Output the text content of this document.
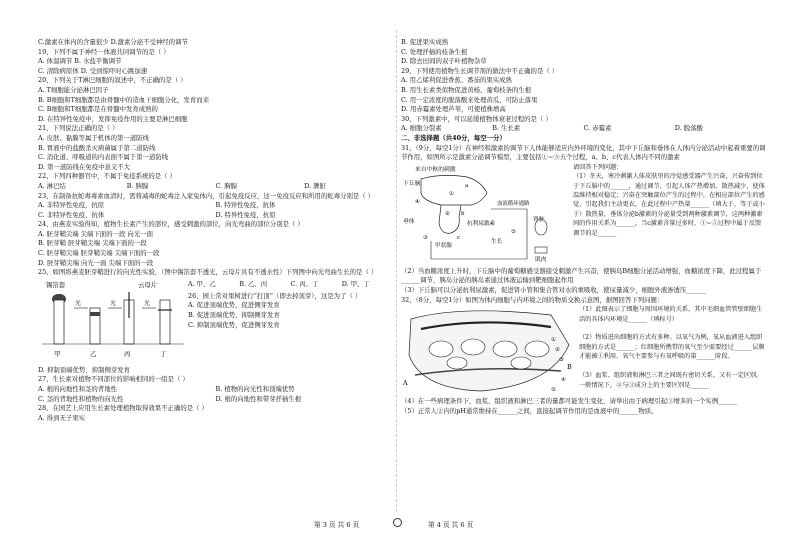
C.激素在体内的含量很少 D.激素分泌不受神经的调节
19、下列不属于神经－体液共同调节的是（ ）
A. 体温调节 B. 水盐平衡调节
C. 清除病原体 D. 受到惊吓时心跳加速
20、下列关于T淋巴细胞的叙述中，不正确的是（ ）
A. T细胞能分泌淋巴因子
B. B细胞和T细胞都是由骨髓中的造血干细胞分化，发育而来
C. B细胞和T细胞都是在骨髓中发育成熟的
D. 在特异性免疫中，发挥免疫作用的主要是淋巴细胞
21、下列说法正确的是（ ）
A. 皮肤、黏膜等属于机体的第一道防线
B. 胃液中的盐酸杀灭病菌属于第二道防线
C. 消化道、呼吸道的内表面不属于第一道防线
D. 第一道防线在免疫中意义不大
22、下列四种器官中，不属于免疫系统的是（ ）
A. 淋巴结	B. 胰腺	C. 胸腺	D. 脾脏
23、在制备抗蛇毒毒素血清时，需将减毒的蛇毒注入家兔体内，引起免疫反应，这一免疫反应和所用的蛇毒分别是（ ）
A. 非特异性免疫，抗原	B. 特异性免疫，抗体
C. 非特异性免疫，抗体	D. 特异性免疫，抗原
24、由燕麦实验得知，植物生长素产生的部位，感受刺激的部位，向光弯曲的部位分别是（ ）
A. 胚芽鞘尖端 尖端下面的一段 向光一面
B. 胚芽鞘 胚芽鞘尖端 尖端下面的一段
C. 胚芽鞘尖端 胚芽鞘尖端 尖端下面的一段
D. 胚芽鞘尖端 向光一面 尖端下面的一段
25、如图将燕麦胚芽鞘进行的向光性实验，（图中锡箔套不透光，云母片具有不透水性）下列图中向光弯曲生长的是（ ）
A. 甲、乙	B. 乙、丙	C. 丙、丁	D. 甲、丁
锡箔套	云母片
光	光	光
甲	乙	丙	丁
26、园上常对果树进行“打顶”（即去掉顶芽），这是为了（ ）
A. 促进顶端优势，促进侧芽发育
B. 促进顶端优势，抑制侧芽发育
C. 抑制顶端优势，促进侧芽发育
D. 抑制顶端优势，抑制侧芽发育
27、生长素对植物不同部位的影响相同的一组是（ ）
A. 根的向地性和茎的背地性	B. 植物的向光性和顶端优势
C. 茎的背地性和植物的向光性	D. 根的向地性和带芽扦插生根
28、在园艺上应用生长素处理植物取得效果不正确的是（ ）
A. 得到无子果实
B. 促进果实成熟
C. 处理扦插的枝条生根
D. 除去田间的双子叶植物杂草
29、下列使用植物生长调节剂的做法中不正确的是（ ）
A. 用乙烯利促进香蕉、番茄的果实成熟
B. 用生长素类似物促进黄杨、葡萄枝条的生根
C. 用一定浓度的脱落酸来处理黄瓜，可防止落果
D. 用赤霉素处理芦苇，可使植株增高
30、下列激素中，可以延缓植物体衰老过程的是（ ）
A. 细胞分裂素	B. 生长素	C. 赤霉素	D. 脱落酸
二、非选择题（共40分，每空一分）
31、（9分，每空1分）在神经和激素的调节下人体能够适应内外环境的变化，其中下丘脑和垂体在人体内分泌活动中起着重要的调节作用，如图所示是激素分泌调节模型，主要包括①~⑤五个过程，a、b、c代表人体内不同的激素
来自中枢的刺激
下丘脑
垂体
血液循环通路
抗利尿激素
甲状腺
肾脏
肌肉
生长
a
b
c
①
②
③
④
⑤
请回答下列问题：
（1）冬天，寒冷刺激人体皮肤里的冷觉感受器产生兴奋，兴奋传到位于下丘脑中的______，通过调节，引起人体产热增加、散热减少，使体温维持相对稳定；兴奋在突触部位产生的过程中，在相应部位产生的感觉，引起我们主动更衣，在此过程中产热量______（填大于，等于或小于）散热量，垂体分泌b激素的分泌量受到两种激素调节，这两种激素间的作用关系为______，当c激素含量过多时，①~⑤过程中属于反馈调节的是______
（2）当血糖浓度上升时，下丘脑中的葡萄糖感受器接受刺激产生兴奋，使胰岛B细胞分泌活动增强，血糖浓度下降，此过程属于______调节，胰岛分泌的胰岛素通过体液运输到靶细胞起作用
（3）下丘脑可以分泌抗利尿激素，促进肾小管和集合管对水的重吸收，使尿量减少，细胞外液渗透压______
32、（8分，每空1分）如图为体内细胞与内环境之间的物质交换示意图，据图回答下列问题：
A
B
①
②
③
④
⑤
（1）此图表示了细胞与周围环境的关系，其中毛细血管管壁细胞生活的具体内环境是______（填标号）
（2）物质进出细胞的方式有多种。以氧气为例，氧从血液进入组织细胞的方式是______；红细胞所携带的氧气至少需要经过______层膜才能被①利用，氧气主要参与有氧呼吸的第______阶段。
（3）血浆、组织液和淋巴三者之间既有密切关系，又有一定区别。一般情况下，②与③成分上的主要区别是______
（4）在一些病理条件下，血浆、组织液和淋巴三者的量都可能发生变化，请举出由于病理引起③增多的一个实例______
（5）正常人②内的pH通常维持在______之间，直接起调节作用的是血液中的______物质。
第 3 页 共 6 页	第 4 页 共 6 页
